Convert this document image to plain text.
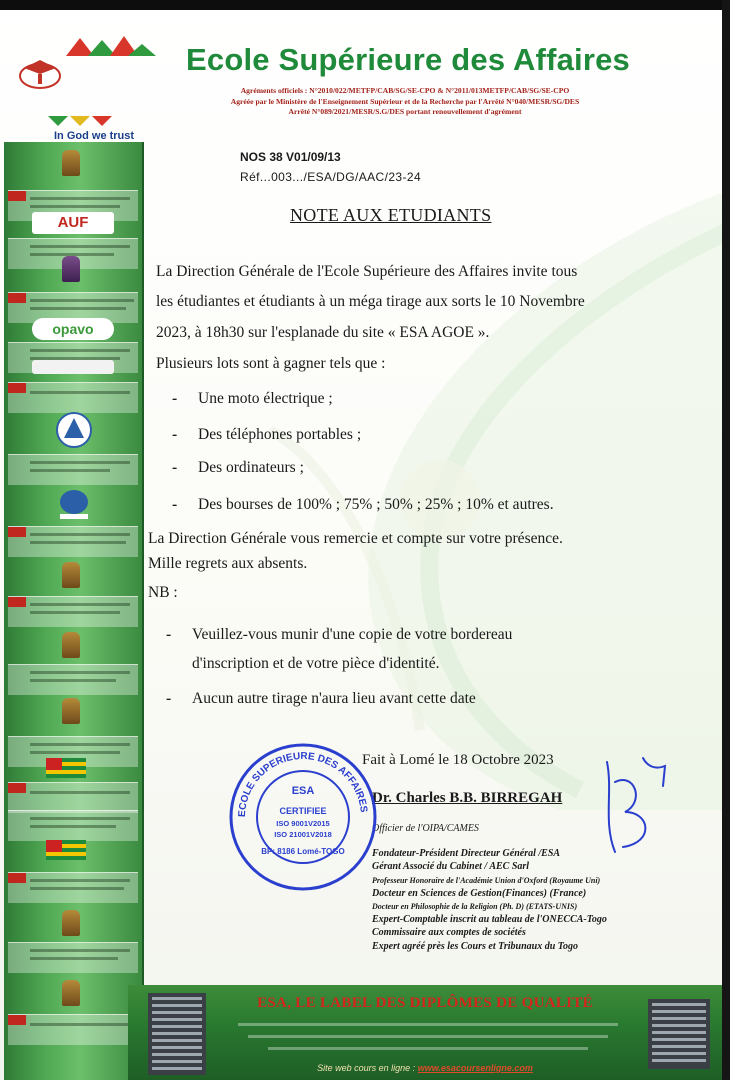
In God we trust
Ecole Supérieure des Affaires
Agréments officiels : N°2010/022/METFP/CAB/SG/SE-CPO & N°2011/013METFP/CAB/SG/SE-CPO
Agréée par le Ministère de l'Enseignement Supérieur et de la Recherche par l'Arrêté N°040/MESR/SG/DES
Arrêté N°089/2021/MESR/S.G/DES portant renouvellement d'agrément
AUF
opavo
NOS 38 V01/09/13
Réf...003.../ESA/DG/AAC/23-24
NOTE AUX ETUDIANTS
La Direction Générale de l'Ecole Supérieure des Affaires invite tous
les étudiantes et étudiants à un méga tirage aux sorts le 10 Novembre
2023, à 18h30 sur l'esplanade du site « ESA AGOE ».
Plusieurs lots sont à gagner tels que :
- Une moto électrique ;
- Des téléphones portables ;
- Des ordinateurs ;
- Des bourses de 100% ; 75% ; 50% ; 25% ; 10% et autres.
La Direction Générale vous remercie et compte sur votre présence.
Mille regrets aux absents.
NB :
- Veuillez-vous munir d'une copie de votre bordereau
d'inscription et de votre pièce d'identité.
- Aucun autre tirage n'aura lieu avant cette date
Fait à Lomé le 18 Octobre 2023
Dr. Charles B.B. BIRREGAH
Officier de l'OIPA/CAMES
Fondateur-Président Directeur Général /ESA
Gérant Associé du Cabinet / AEC Sarl
Professeur Honoraire de l'Académie Union d'Oxford (Royaume Uni)
Docteur en Sciences de Gestion(Finances) (France)
Docteur en Philosophie de la Religion (Ph. D) (ETATS-UNIS)
Expert-Comptable inscrit au tableau de l'ONECCA-Togo
Commissaire aux comptes de sociétés
Expert agréé près les Cours et Tribunaux du Togo
ECOLE SUPERIEURE DES AFFAIRES
ESA
CERTIFIEE
ISO 9001V2015
ISO 21001V2018
BP: 8186 Lomé-TOGO
ESA, LE LABEL DES DIPLÔMES DE QUALITÉ
Site web cours en ligne : www.esacoursenligne.com
